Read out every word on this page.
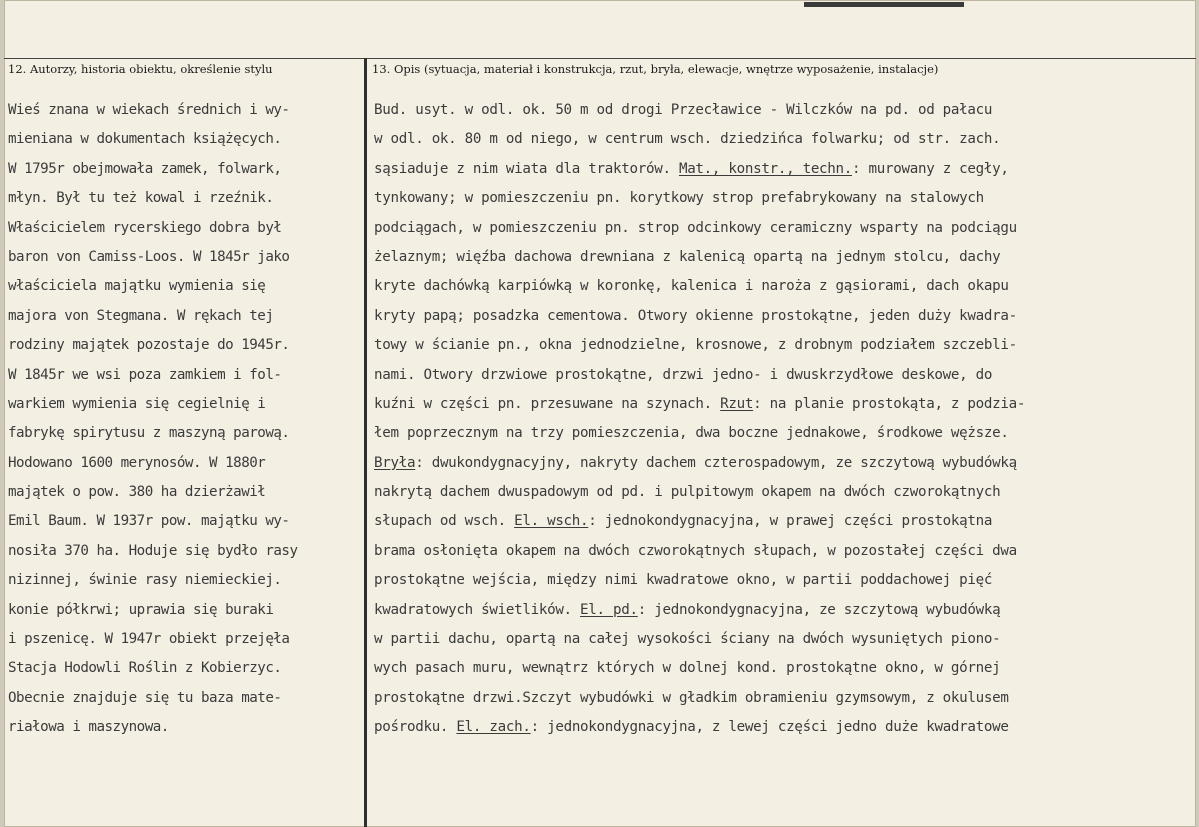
12. Autorzy, historia obiektu, określenie stylu	13. Opis (sytuacja, materiał i konstrukcja, rzut, bryła, elewacje, wnętrze wyposażenie, instalacje)
Wieś znana w wiekach średnich i wy-
mieniana w dokumentach książęcych.
W 1795r obejmowała zamek, folwark,
młyn. Był tu też kowal i rzeźnik.
Właścicielem rycerskiego dobra był
baron von Camiss-Loos. W 1845r jako
właściciela majątku wymienia się
majora von Stegmana. W rękach tej
rodziny majątek pozostaje do 1945r.
W 1845r we wsi poza zamkiem i fol-
warkiem wymienia się cegielnię i
fabrykę spirytusu z maszyną parową.
Hodowano 1600 merynosów. W 1880r
majątek o pow. 380 ha dzierżawił
Emil Baum. W 1937r pow. majątku wy-
nosiła 370 ha. Hoduje się bydło rasy
nizinnej, świnie rasy niemieckiej.
konie półkrwi; uprawia się buraki
i pszenicę. W 1947r obiekt przejęła
Stacja Hodowli Roślin z Kobierzyc.
Obecnie znajduje się tu baza mate-
riałowa i maszynowa.
Bud. usyt. w odl. ok. 50 m od drogi Przecławice - Wilczków na pd. od pałacu
w odl. ok. 80 m od niego, w centrum wsch. dziedzińca folwarku; od str. zach.
sąsiaduje z nim wiata dla traktorów. Mat., konstr., techn.: murowany z cegły,
tynkowany; w pomieszczeniu pn. korytkowy strop prefabrykowany na stalowych
podciągach, w pomieszczeniu pn. strop odcinkowy ceramiczny wsparty na podciągu
żelaznym; więźba dachowa drewniana z kalenicą opartą na jednym stolcu, dachy
kryte dachówką karpiówką w koronkę, kalenica i naroża z gąsiorami, dach okapu
kryty papą; posadzka cementowa. Otwory okienne prostokątne, jeden duży kwadra-
towy w ścianie pn., okna jednodzielne, krosnowe, z drobnym podziałem szczebli-
nami. Otwory drzwiowe prostokątne, drzwi jedno- i dwuskrzydłowe deskowe, do
kuźni w części pn. przesuwane na szynach. Rzut: na planie prostokąta, z podzia-
łem poprzecznym na trzy pomieszczenia, dwa boczne jednakowe, środkowe węższe.
Bryła: dwukondygnacyjny, nakryty dachem czterospadowym, ze szczytową wybudówką
nakrytą dachem dwuspadowym od pd. i pulpitowym okapem na dwóch czworokątnych
słupach od wsch. El. wsch.: jednokondygnacyjna, w prawej części prostokątna
brama osłonięta okapem na dwóch czworokątnych słupach, w pozostałej części dwa
prostokątne wejścia, między nimi kwadratowe okno, w partii poddachowej pięć
kwadratowych świetlików. El. pd.: jednokondygnacyjna, ze szczytową wybudówką
w partii dachu, opartą na całej wysokości ściany na dwóch wysuniętych piono-
wych pasach muru, wewnątrz których w dolnej kond. prostokątne okno, w górnej
prostokątne drzwi.Szczyt wybudówki w gładkim obramieniu gzymsowym, z okulusem
pośrodku. El. zach.: jednokondygnacyjna, z lewej części jedno duże kwadratowe
